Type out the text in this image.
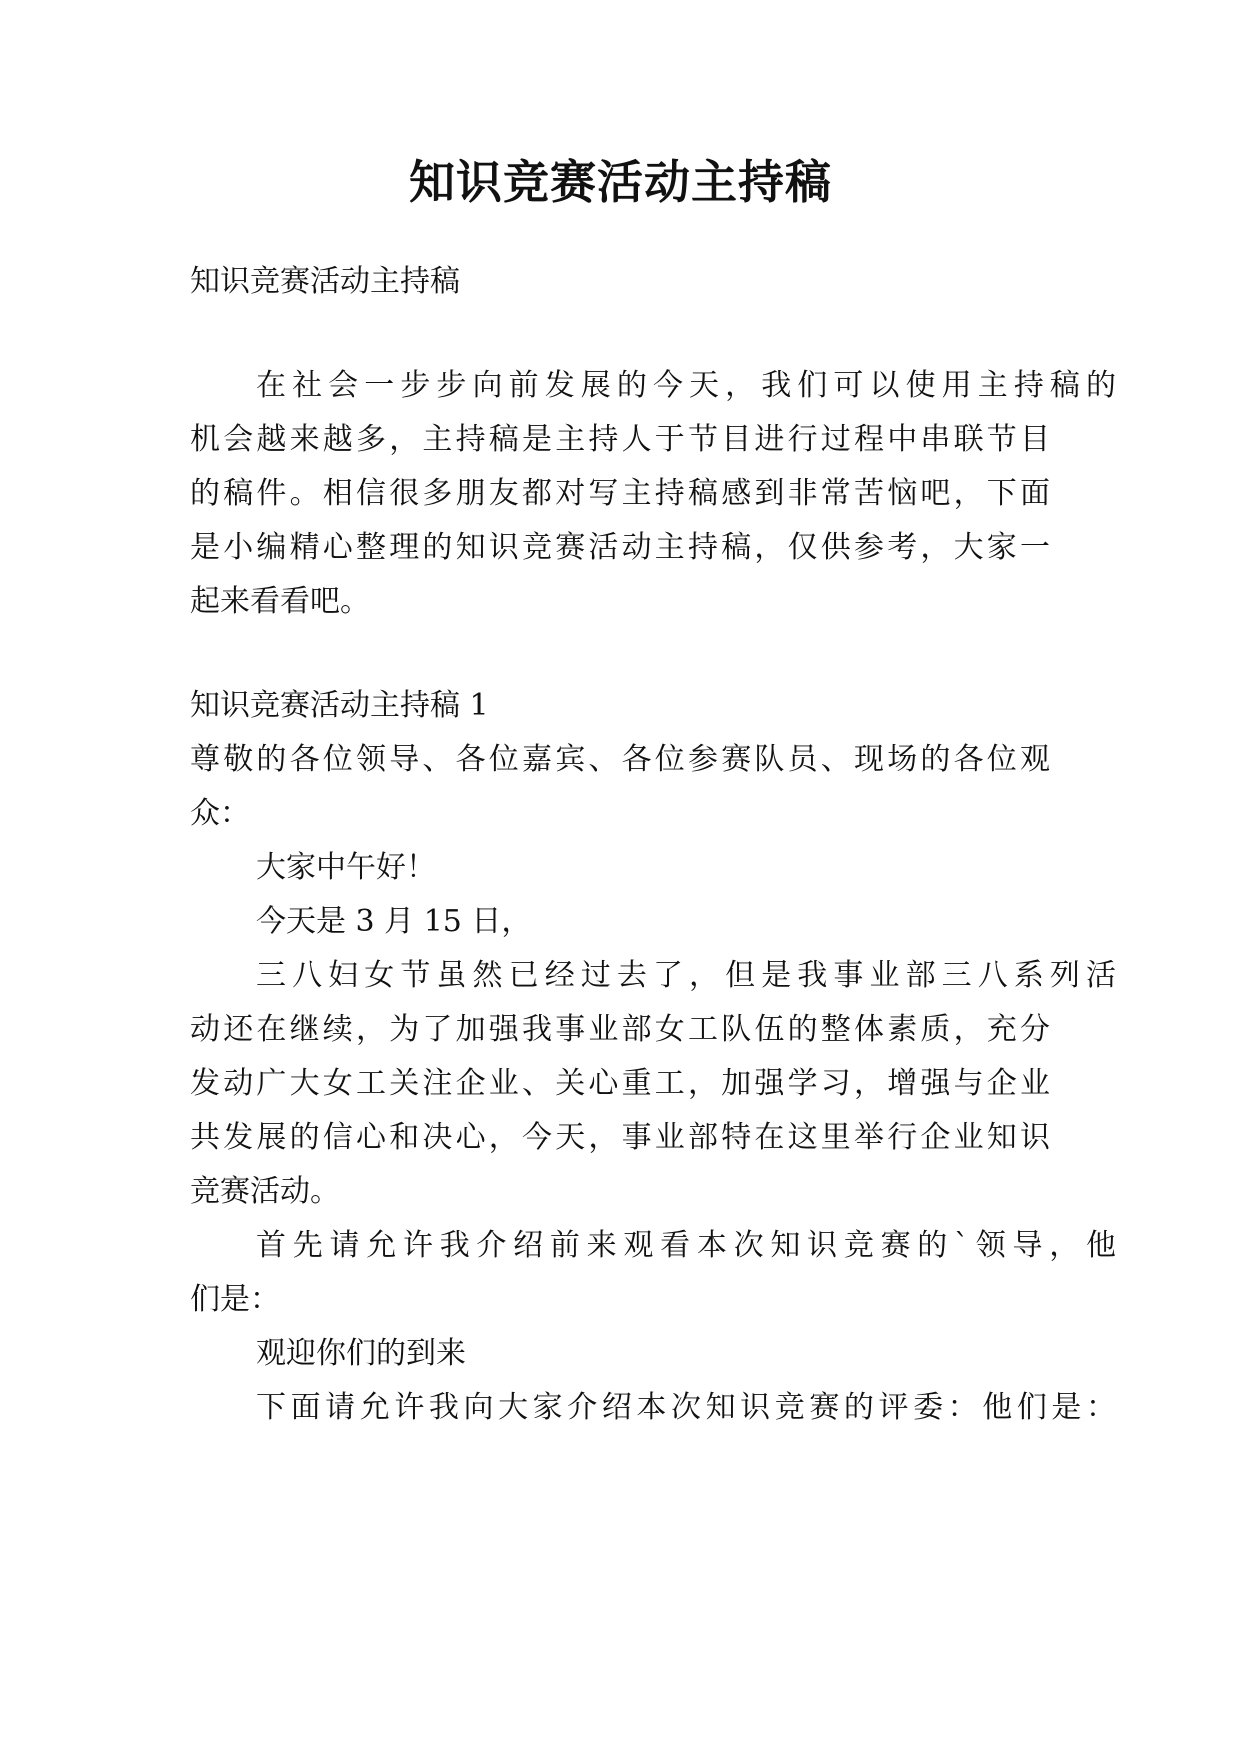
知识竞赛活动主持稿

知识竞赛活动主持稿

在社会一步步向前发展的今天，我们可以使用主持稿的

机会越来越多，主持稿是主持人于节目进行过程中串联节目

的稿件。相信很多朋友都对写主持稿感到非常苦恼吧，下面

是小编精心整理的知识竞赛活动主持稿，仅供参考，大家一

起来看看吧。

知识竞赛活动主持稿 1

尊敬的各位领导、各位嘉宾、各位参赛队员、现场的各位观

众：

大家中午好！

今天是 3 月 15 日，

三八妇女节虽然已经过去了，但是我事业部三八系列活

动还在继续，为了加强我事业部女工队伍的整体素质，充分

发动广大女工关注企业、关心重工，加强学习，增强与企业

共发展的信心和决心，今天，事业部特在这里举行企业知识

竞赛活动。

首先请允许我介绍前来观看本次知识竞赛的`领导，他

们是：

观迎你们的到来

下面请允许我向大家介绍本次知识竞赛的评委：他们是：
